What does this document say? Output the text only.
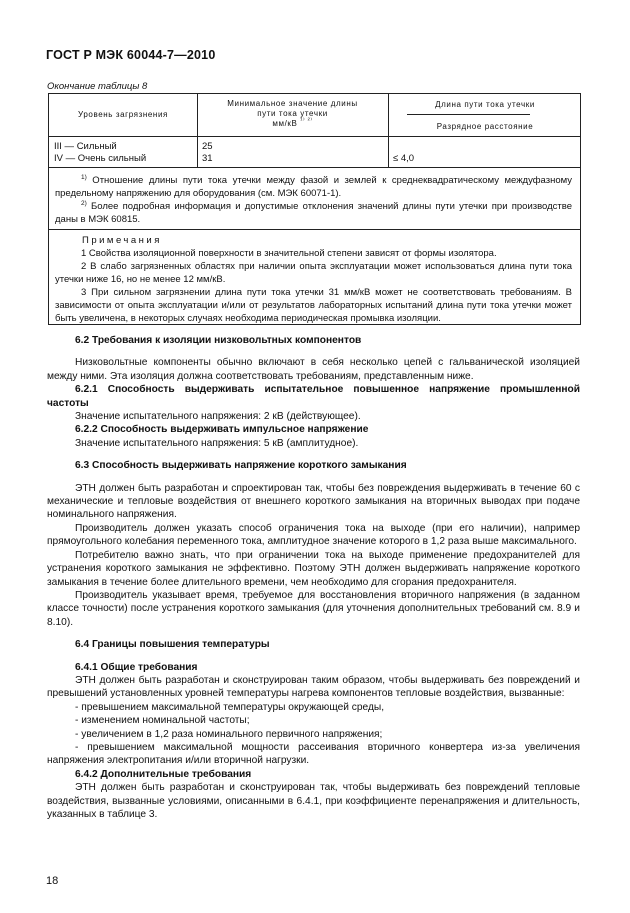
ГОСТ Р МЭК 60044-7—2010
Окончание таблицы 8
Уровень загрязнения
Минимальное значение длины
пути тока утечки
мм/кВ $^{^{1)} ^{2)}}$
Длина пути тока утечки
Разрядное расстояние
III — Сильный
IV — Очень сильный
25
31	≤ 4,0

$^{1)}$ Отношение длины пути тока утечки между фазой и землей к среднеквадратическому междуфазному предельному напряжению для оборудования (см. МЭК 60071-1).

$^{2)}$ Более подробная информация и допустимые отклонения значений длины пути утечки при производстве даны в МЭК 60815.

Примечания

1 Свойства изоляционной поверхности в значительной степени зависят от формы изолятора.

2 В слабо загрязненных областях при наличии опыта эксплуатации может использоваться длина пути тока утечки ниже 16, но не менее 12 мм/кВ.

3 При сильном загрязнении длина пути тока утечки 31 мм/кВ может не соответствовать требованиям. В зависимости от опыта эксплуатации и/или от результатов лабораторных испытаний длина пути тока утечки может быть увеличена, в некоторых случаях необходима периодическая промывка изоляции.

6.2 Требования к изоляции низковольтных компонентов

Низковольтные компоненты обычно включают в себя несколько цепей с гальванической изоляцией между ними. Эта изоляция должна соответствовать требованиям, представленным ниже.

6.2.1 Способность выдерживать испытательное повышенное напряжение промышленной частоты

Значение испытательного напряжения: 2 кВ (действующее).

6.2.2 Способность выдерживать импульсное напряжение

Значение испытательного напряжения: 5 кВ (амплитудное).

6.3 Способность выдерживать напряжение короткого замыкания

ЭТН должен быть разработан и спроектирован так, чтобы без повреждения выдерживать в течение 60 с механические и тепловые воздействия от внешнего короткого замыкания на вторичных выводах при подаче номинального напряжения.

Производитель должен указать способ ограничения тока на выходе (при его наличии), например прямоугольного колебания переменного тока, амплитудное значение которого в 1,2 раза выше максимального.

Потребителю важно знать, что при ограничении тока на выходе применение предохранителей для устранения короткого замыкания не эффективно. Поэтому ЭТН должен выдерживать напряжение короткого замыкания в течение более длительного времени, чем необходимо для сгорания предохранителя.

Производитель указывает время, требуемое для восстановления вторичного напряжения (в заданном классе точности) после устранения короткого замыкания (для уточнения дополнительных требований см. 8.9 и 8.10).

6.4 Границы повышения температуры

6.4.1 Общие требования

ЭТН должен быть разработан и сконструирован таким образом, чтобы выдерживать без повреждений и превышений установленных уровней температуры нагрева компонентов тепловые воздействия, вызванные:

- превышением максимальной температуры окружающей среды,

- изменением номинальной частоты;

- увеличением в 1,2 раза номинального первичного напряжения;

- превышением максимальной мощности рассеивания вторичного конвертера из-за увеличения напряжения электропитания и/или вторичной нагрузки.

6.4.2 Дополнительные требования

ЭТН должен быть разработан и сконструирован так, чтобы выдерживать без повреждений тепловые воздействия, вызванные условиями, описанными в 6.4.1, при коэффициенте перенапряжения и длительность, указанных в таблице 3.

18
